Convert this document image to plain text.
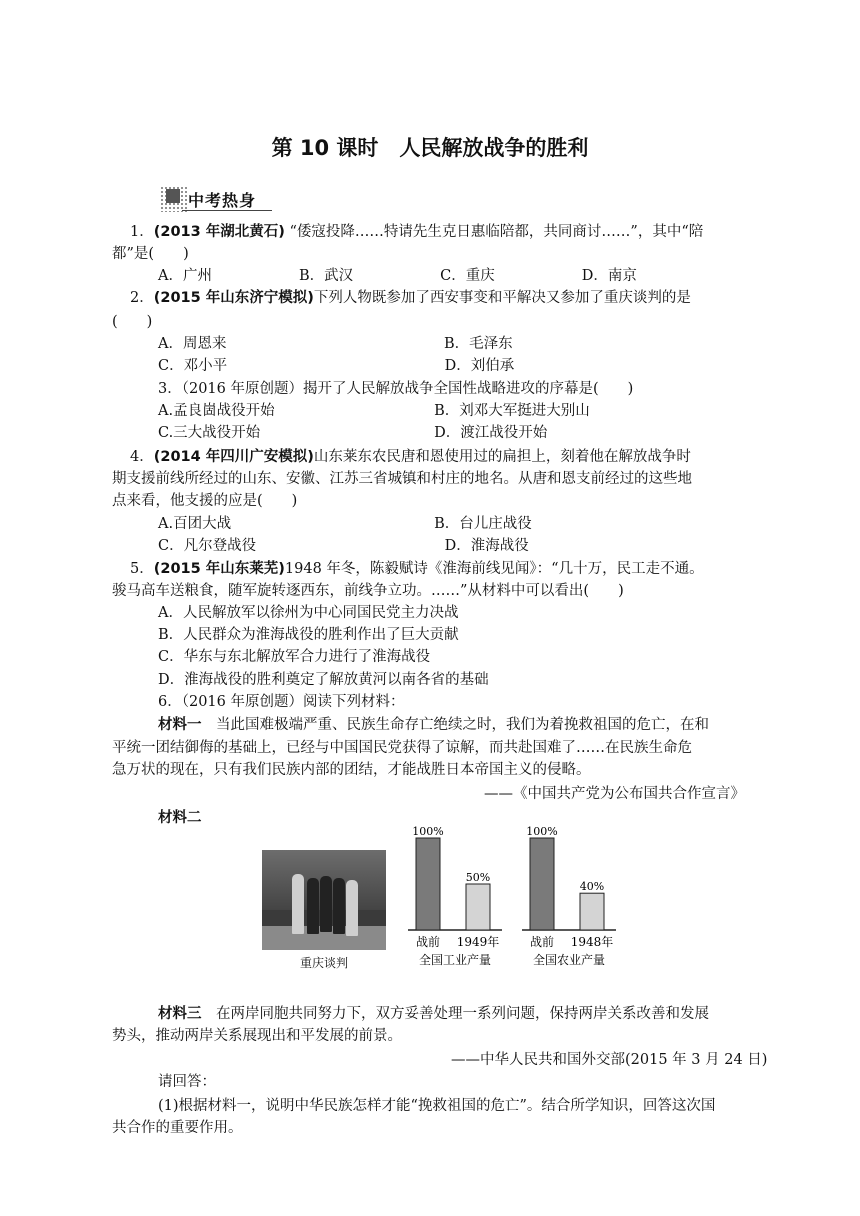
第 10 课时　人民解放战争的胜利
中考热身
1．(2013 年湖北黄石) “倭寇投降……特请先生克日惠临陪都，共同商讨……”，其中“陪
都”是(　　)
A．广州　　　　　　B．武汉　　　　　　C．重庆　　　　　　D．南京
2．(2015 年山东济宁模拟)下列人物既参加了西安事变和平解决又参加了重庆谈判的是
(　　)
A．周恩来　　　　　　　　　　　　　　　B．毛泽东
C．邓小平　　　　　　　　　　　　　　　D．刘伯承
3．（2016 年原创题）揭开了人民解放战争全国性战略进攻的序幕是(　　)
A.孟良崮战役开始　　　　　　　　　　　B．刘邓大军挺进大别山
C.三大战役开始　　　　　　　　　　　　D．渡江战役开始
4．(2014 年四川广安模拟)山东莱东农民唐和恩使用过的扁担上，刻着他在解放战争时
期支援前线所经过的山东、安徽、江苏三省城镇和村庄的地名。从唐和恩支前经过的这些地
点来看，他支援的应是(　　)
A.百团大战　　　　　　　　　　　　　　B．台儿庄战役
C．凡尔登战役　　　　　　　　　　　　　D．淮海战役
5．(2015 年山东莱芜)1948 年冬，陈毅赋诗《淮海前线见闻》：“几十万，民工走不通。
骏马高车送粮食，随军旋转逐西东，前线争立功。……”从材料中可以看出(　　)
A．人民解放军以徐州为中心同国民党主力决战
B．人民群众为淮海战役的胜利作出了巨大贡献
C．华东与东北解放军合力进行了淮海战役
D．淮海战役的胜利奠定了解放黄河以南各省的基础
6．（2016 年原创题）阅读下列材料：
材料一　当此国难极端严重、民族生命存亡绝续之时，我们为着挽救祖国的危亡，在和
平统一团结御侮的基础上，已经与中国国民党获得了谅解，而共赴国难了……在民族生命危
急万状的现在，只有我们民族内部的团结，才能战胜日本帝国主义的侵略。
——《中国共产党为公布国共合作宣言》
材料二
材料三　在两岸同胞共同努力下，双方妥善处理一系列问题，保持两岸关系改善和发展
势头，推动两岸关系展现出和平发展的前景。
——中华人民共和国外交部(2015 年 3 月 24 日)
请回答：
(1)根据材料一，说明中华民族怎样才能“挽救祖国的危亡”。结合所学知识，回答这次国
共合作的重要作用。
重庆谈判
100%
战前
50%
1949年
全国工业产量
100%
战前
40%
1948年
全国农业产量
